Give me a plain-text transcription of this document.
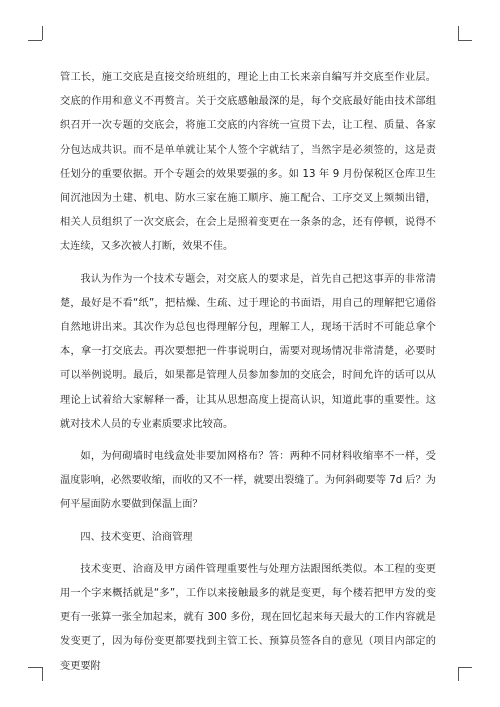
管工长，施工交底是直接交给班组的，理论上由工长来亲自编写并交底至作业层。交底的作用和意义不再赘言。关于交底感触最深的是，每个交底最好能由技术部组织召开一次专题的交底会，将施工交底的内容统一宣贯下去，让工程、质量、各家分包达成共识。而不是单单就让某个人签个字就结了，当然字是必须签的，这是责任划分的重要依据。开个专题会的效果要强的多。如 13 年 9 月份保税区仓库卫生间沉池因为土建、机电、防水三家在施工顺序、施工配合、工序交叉上频频出错，相关人员组织了一次交底会，在会上是照着变更在一条条的念，还有停顿，说得不太连续，又多次被人打断，效果不佳。

我认为作为一个技术专题会，对交底人的要求是，首先自己把这事弄的非常清楚，最好是不看“纸”，把枯燥、生疏、过于理论的书面语，用自己的理解把它通俗自然地讲出来。其次作为总包也得理解分包，理解工人，现场干活时不可能总拿个本，拿一打交底去。再次要想把一件事说明白，需要对现场情况非常清楚，必要时可以举例说明。最后，如果都是管理人员参加参加的交底会，时间允许的话可以从理论上试着给大家解释一番，让其从思想高度上提高认识，知道此事的重要性。这就对技术人员的专业素质要求比较高。

如，为何砌墙时电线盒处非要加网格布？答：两种不同材料收缩率不一样，受温度影响，必然要收缩，而收的又不一样，就要出裂缝了。为何斜砌要等 7d 后？为何平屋面防水要做到保温上面？

四、技术变更、洽商管理

技术变更、洽商及甲方函件管理重要性与处理方法跟图纸类似。本工程的变更用一个字来概括就是“多”，工作以来接触最多的就是变更，每个楼若把甲方发的变更有一张算一张全加起来，就有 300 多份，现在回忆起来每天最大的工作内容就是发变更了，因为每份变更都要找到主管工长、预算员签各自的意见（项目内部定的变更要附
